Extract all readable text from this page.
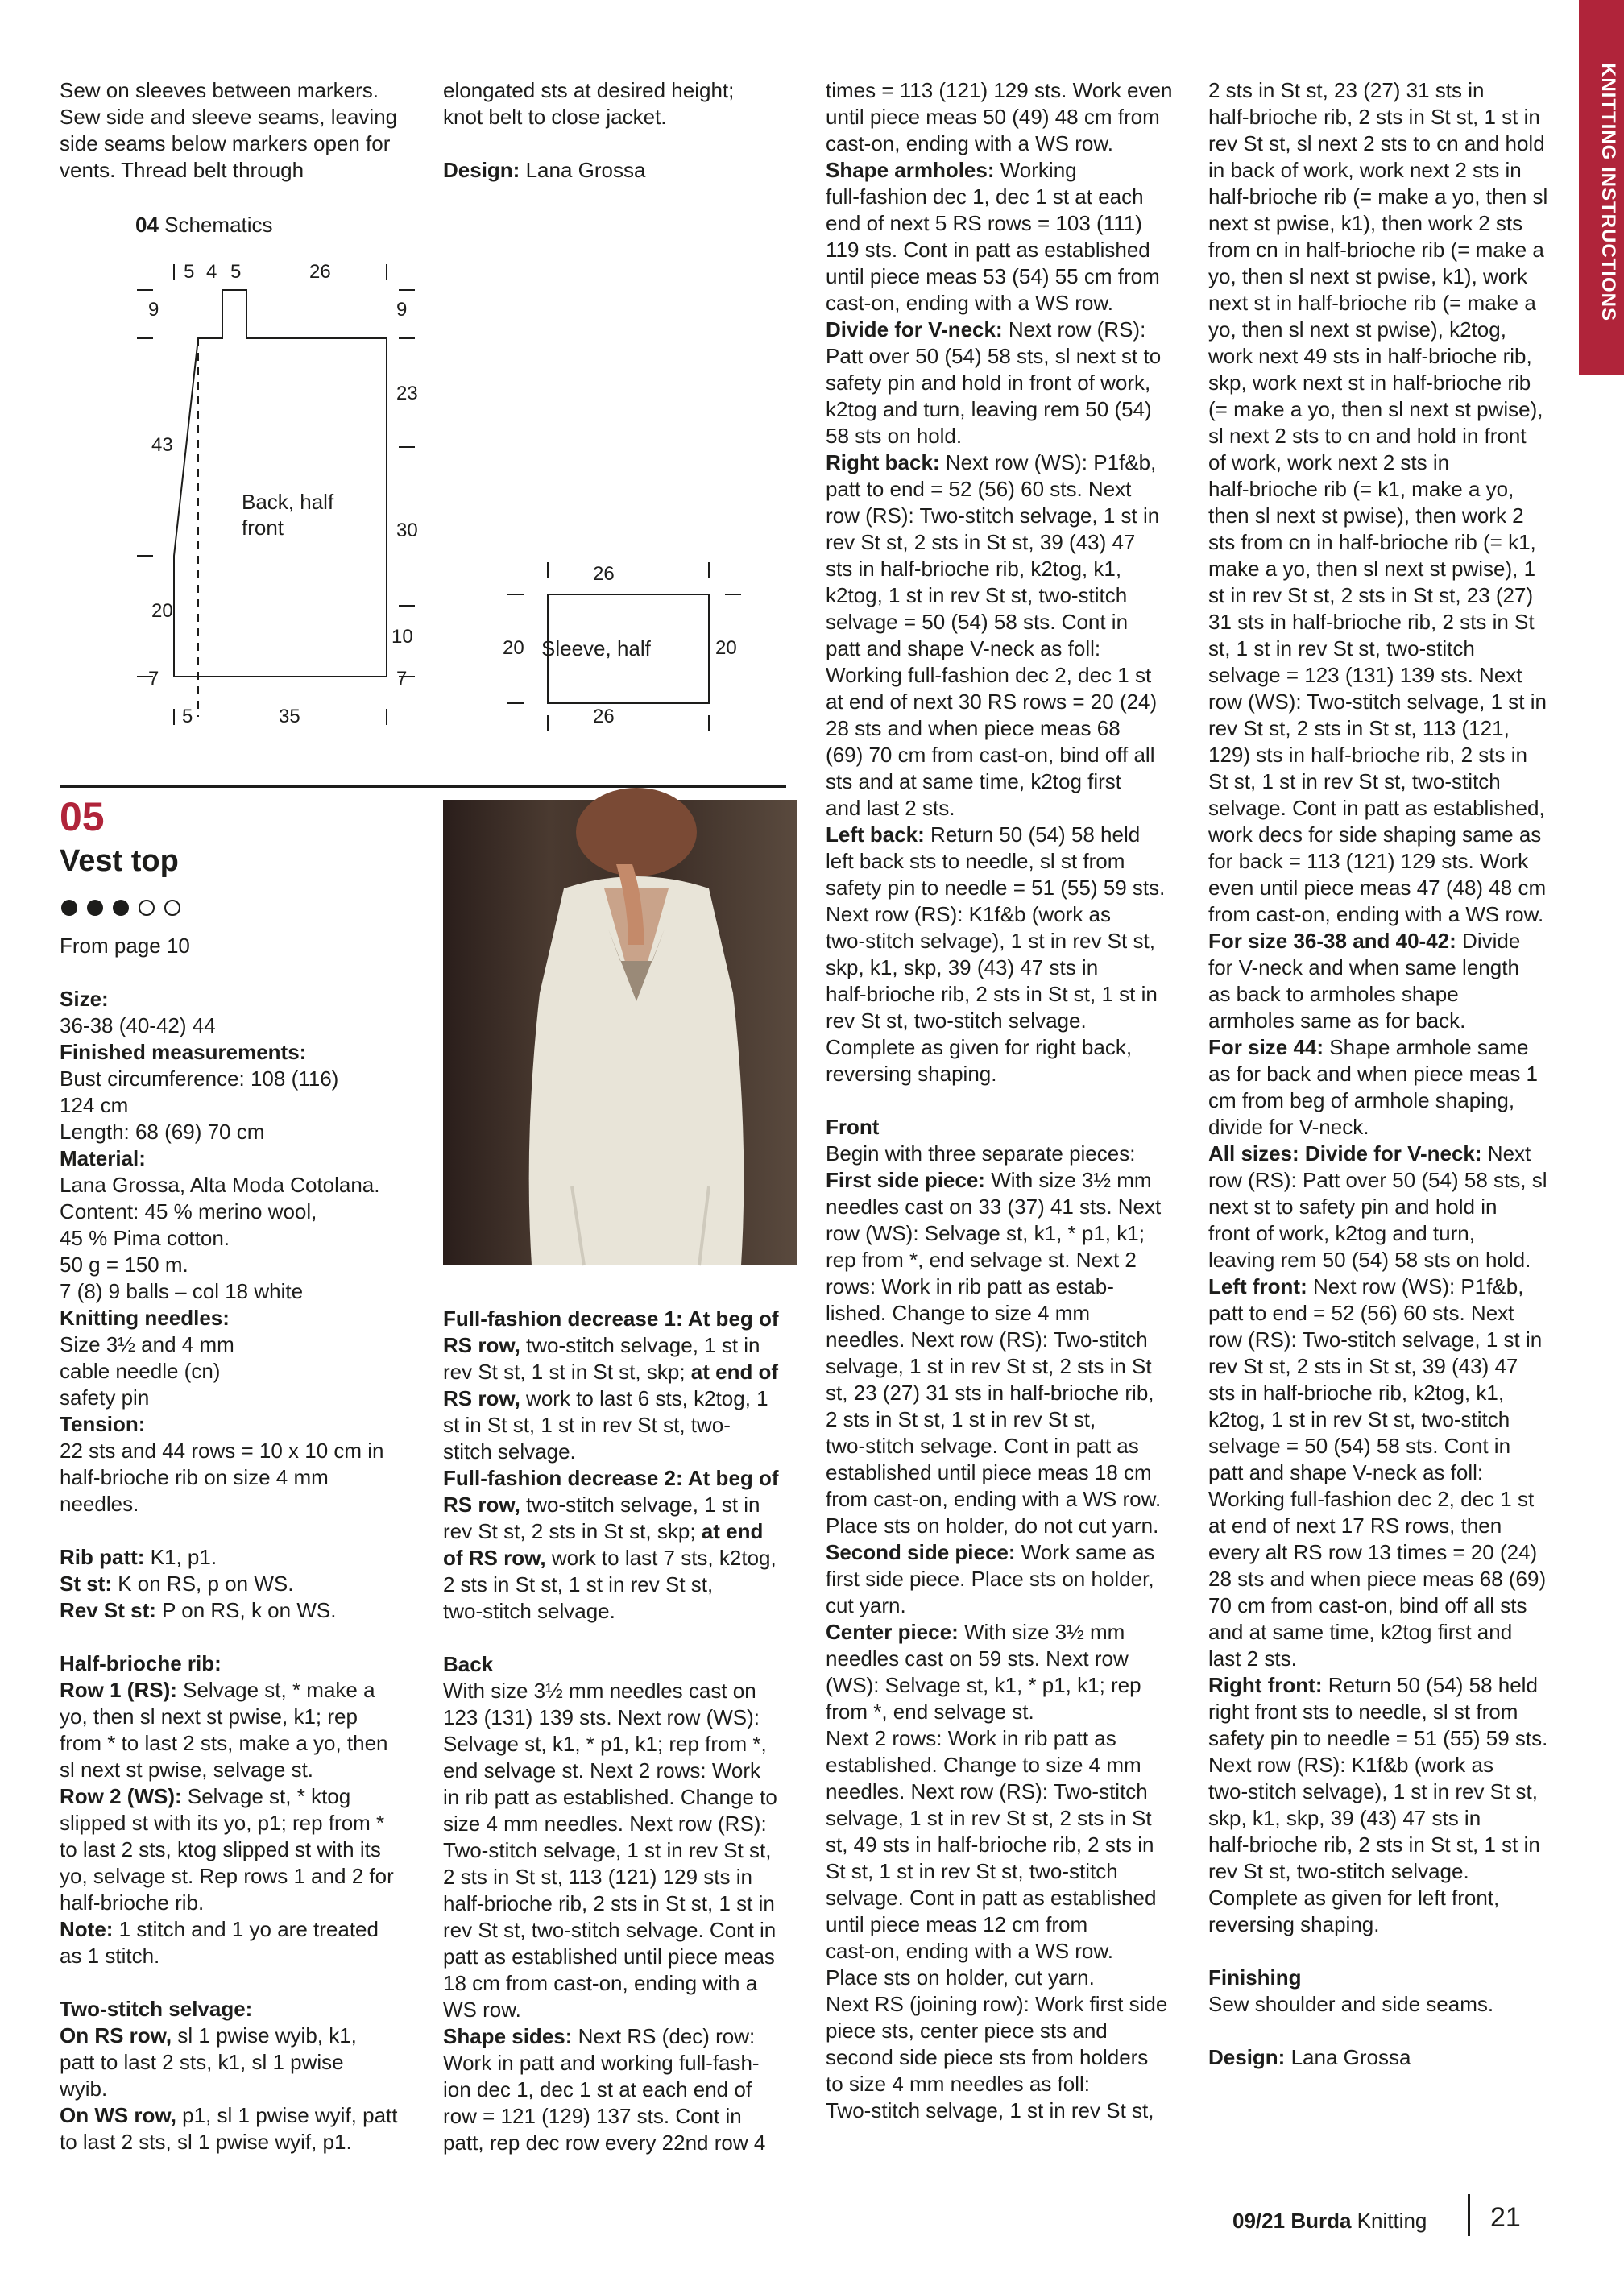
KNITTING INSTRUCTIONS

Sew on sleeves between markers.

Sew side and sleeve seams, leaving

side seams below markers open for

vents. Thread belt through

04 Schematics
5 4 5	26
9
43
20
7
9
23
30
10
7
5	35
Back, half
front
26
20	20
26
Sleeve, half

elongated sts at desired height;

knot belt to close jacket.

Design: Lana Grossa

05
Vest top

From page 10

Size:

36-38 (40-42) 44

Finished measurements:

Bust circumference: 108 (116)

124 cm

Length: 68 (69) 70 cm

Material:

Lana Grossa, Alta Moda Cotolana.

Content: 45 % merino wool,

45 % Pima cotton.

50 g = 150 m.

7 (8) 9 balls – col 18 white

Knitting needles:

Size 3½ and 4 mm

cable needle (cn)

safety pin

Tension:

22 sts and 44 rows = 10 x 10 cm in

half-brioche rib on size 4 mm

needles.

Rib patt: K1, p1.

St st: K on RS, p on WS.

Rev St st: P on RS, k on WS.

Half-brioche rib:

Row 1 (RS): Selvage st, * make a

yo, then sl next st pwise, k1; rep

from * to last 2 sts, make a yo, then

sl next st pwise, selvage st.

Row 2 (WS): Selvage st, * ktog

slipped st with its yo, p1; rep from *

to last 2 sts, ktog slipped st with its

yo, selvage st. Rep rows 1 and 2 for

half-brioche rib.

Note: 1 stitch and 1 yo are treated

as 1 stitch.

Two-stitch selvage:

On RS row, sl 1 pwise wyib, k1,

patt to last 2 sts, k1, sl 1 pwise

wyib.

On WS row, p1, sl 1 pwise wyif, patt

to last 2 sts, sl 1 pwise wyif, p1.

Full-fashion decrease 1: At beg of

RS row, two-stitch selvage, 1 st in

rev St st, 1 st in St st, skp; at end of

RS row, work to last 6 sts, k2tog, 1

st in St st, 1 st in rev St st, two-

stitch selvage.

Full-fashion decrease 2: At beg of

RS row, two-stitch selvage, 1 st in

rev St st, 2 sts in St st, skp; at end

of RS row, work to last 7 sts, k2tog,

2 sts in St st, 1 st in rev St st,

two-stitch selvage.

Back

With size 3½ mm needles cast on

123 (131) 139 sts. Next row (WS):

Selvage st, k1, * p1, k1; rep from *,

end selvage st. Next 2 rows: Work

in rib patt as established. Change to

size 4 mm needles. Next row (RS):

Two-stitch selvage, 1 st in rev St st,

2 sts in St st, 113 (121) 129 sts in

half-brioche rib, 2 sts in St st, 1 st in

rev St st, two-stitch selvage. Cont in

patt as established until piece meas

18 cm from cast-on, ending with a

WS row.

Shape sides: Next RS (dec) row:

Work in patt and working full-fash-

ion dec 1, dec 1 st at each end of

row = 121 (129) 137 sts. Cont in

patt, rep dec row every 22nd row 4

times = 113 (121) 129 sts. Work even

until piece meas 50 (49) 48 cm from

cast-on, ending with a WS row.

Shape armholes: Working

full-fashion dec 1, dec 1 st at each

end of next 5 RS rows = 103 (111)

119 sts. Cont in patt as established

until piece meas 53 (54) 55 cm from

cast-on, ending with a WS row.

Divide for V-neck: Next row (RS):

Patt over 50 (54) 58 sts, sl next st to

safety pin and hold in front of work,

k2tog and turn, leaving rem 50 (54)

58 sts on hold.

Right back: Next row (WS): P1f&b,

patt to end = 52 (56) 60 sts. Next

row (RS): Two-stitch selvage, 1 st in

rev St st, 2 sts in St st, 39 (43) 47

sts in half-brioche rib, k2tog, k1,

k2tog, 1 st in rev St st, two-stitch

selvage = 50 (54) 58 sts. Cont in

patt and shape V-neck as foll:

Working full-fashion dec 2, dec 1 st

at end of next 30 RS rows = 20 (24)

28 sts and when piece meas 68

(69) 70 cm from cast-on, bind off all

sts and at same time, k2tog first

and last 2 sts.

Left back: Return 50 (54) 58 held

left back sts to needle, sl st from

safety pin to needle = 51 (55) 59 sts.

Next row (RS): K1f&b (work as

two-stitch selvage), 1 st in rev St st,

skp, k1, skp, 39 (43) 47 sts in

half-brioche rib, 2 sts in St st, 1 st in

rev St st, two-stitch selvage.

Complete as given for right back,

reversing shaping.

Front

Begin with three separate pieces:

First side piece: With size 3½ mm

needles cast on 33 (37) 41 sts. Next

row (WS): Selvage st, k1, * p1, k1;

rep from *, end selvage st. Next 2

rows: Work in rib patt as estab-

lished. Change to size 4 mm

needles. Next row (RS): Two-stitch

selvage, 1 st in rev St st, 2 sts in St

st, 23 (27) 31 sts in half-brioche rib,

2 sts in St st, 1 st in rev St st,

two-stitch selvage. Cont in patt as

established until piece meas 18 cm

from cast-on, ending with a WS row.

Place sts on holder, do not cut yarn.

Second side piece: Work same as

first side piece. Place sts on holder,

cut yarn.

Center piece: With size 3½ mm

needles cast on 59 sts. Next row

(WS): Selvage st, k1, * p1, k1; rep

from *, end selvage st.

Next 2 rows: Work in rib patt as

established. Change to size 4 mm

needles. Next row (RS): Two-stitch

selvage, 1 st in rev St st, 2 sts in St

st, 49 sts in half-brioche rib, 2 sts in

St st, 1 st in rev St st, two-stitch

selvage. Cont in patt as established

until piece meas 12 cm from

cast-on, ending with a WS row.

Place sts on holder, cut yarn.

Next RS (joining row): Work first side

piece sts, center piece sts and

second side piece sts from holders

to size 4 mm needles as foll:

Two-stitch selvage, 1 st in rev St st,

2 sts in St st, 23 (27) 31 sts in

half-brioche rib, 2 sts in St st, 1 st in

rev St st, sl next 2 sts to cn and hold

in back of work, work next 2 sts in

half-brioche rib (= make a yo, then sl

next st pwise, k1), then work 2 sts

from cn in half-brioche rib (= make a

yo, then sl next st pwise, k1), work

next st in half-brioche rib (= make a

yo, then sl next st pwise), k2tog,

work next 49 sts in half-brioche rib,

skp, work next st in half-brioche rib

(= make a yo, then sl next st pwise),

sl next 2 sts to cn and hold in front

of work, work next 2 sts in

half-brioche rib (= k1, make a yo,

then sl next st pwise), then work 2

sts from cn in half-brioche rib (= k1,

make a yo, then sl next st pwise), 1

st in rev St st, 2 sts in St st, 23 (27)

31 sts in half-brioche rib, 2 sts in St

st, 1 st in rev St st, two-stitch

selvage = 123 (131) 139 sts. Next

row (WS): Two-stitch selvage, 1 st in

rev St st, 2 sts in St st, 113 (121,

129) sts in half-brioche rib, 2 sts in

St st, 1 st in rev St st, two-stitch

selvage. Cont in patt as established,

work decs for side shaping same as

for back = 113 (121) 129 sts. Work

even until piece meas 47 (48) 48 cm

from cast-on, ending with a WS row.

For size 36-38 and 40-42: Divide

for V-neck and when same length

as back to armholes shape

armholes same as for back.

For size 44: Shape armhole same

as for back and when piece meas 1

cm from beg of armhole shaping,

divide for V-neck.

All sizes: Divide for V-neck: Next

row (RS): Patt over 50 (54) 58 sts, sl

next st to safety pin and hold in

front of work, k2tog and turn,

leaving rem 50 (54) 58 sts on hold.

Left front: Next row (WS): P1f&b,

patt to end = 52 (56) 60 sts. Next

row (RS): Two-stitch selvage, 1 st in

rev St st, 2 sts in St st, 39 (43) 47

sts in half-brioche rib, k2tog, k1,

k2tog, 1 st in rev St st, two-stitch

selvage = 50 (54) 58 sts. Cont in

patt and shape V-neck as foll:

Working full-fashion dec 2, dec 1 st

at end of next 17 RS rows, then

every alt RS row 13 times = 20 (24)

28 sts and when piece meas 68 (69)

70 cm from cast-on, bind off all sts

and at same time, k2tog first and

last 2 sts.

Right front: Return 50 (54) 58 held

right front sts to needle, sl st from

safety pin to needle = 51 (55) 59 sts.

Next row (RS): K1f&b (work as

two-stitch selvage), 1 st in rev St st,

skp, k1, skp, 39 (43) 47 sts in

half-brioche rib, 2 sts in St st, 1 st in

rev St st, two-stitch selvage.

Complete as given for left front,

reversing shaping.

Finishing

Sew shoulder and side seams.

Design: Lana Grossa

09/21 Burda Knitting 21
